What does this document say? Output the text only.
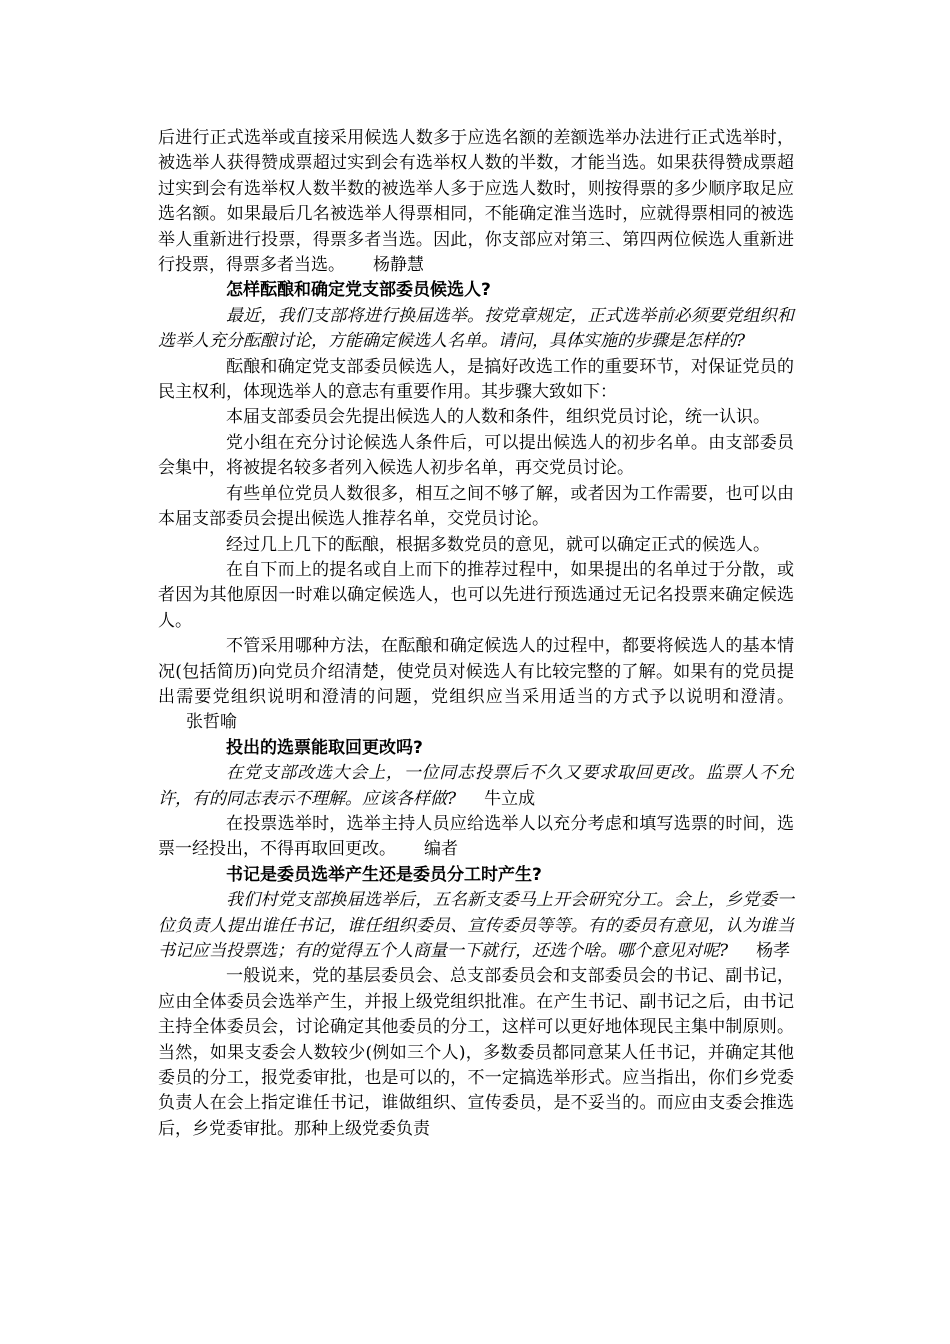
后进行正式选举或直接采用候选人数多于应选名额的差额选举办法进行正式选举时，被选举人获得赞成票超过实到会有选举权人数的半数，才能当选。如果获得赞成票超过实到会有选举权人数半数的被选举人多于应选人数时，则按得票的多少顺序取足应选名额。如果最后几名被选举人得票相同，不能确定淮当选时，应就得票相同的被选举人重新进行投票，得票多者当选。因此，你支部应对第三、第四两位候选人重新进行投票，得票多者当选。 杨静慧

怎样酝酿和确定党支部委员候选人?

最近，我们支部将进行换届选举。按党章规定，正式选举前必须要党组织和选举人充分酝酿讨论，方能确定候选人名单。请问，具体实施的步骤是怎样的?

酝酿和确定党支部委员候选人，是搞好改选工作的重要环节，对保证党员的民主权利，体现选举人的意志有重要作用。其步骤大致如下：

本届支部委员会先提出候选人的人数和条件，组织党员讨论，统一认识。

党小组在充分讨论候选人条件后，可以提出候选人的初步名单。由支部委员会集中，将被提名较多者列入候选人初步名单，再交党员讨论。

有些单位党员人数很多，相互之间不够了解，或者因为工作需要，也可以由本届支部委员会提出候选人推荐名单，交党员讨论。

经过几上几下的酝酿，根据多数党员的意见，就可以确定正式的候选人。

在自下而上的提名或自上而下的推荐过程中，如果提出的名单过于分散，或者因为其他原因一时难以确定候选人，也可以先进行预选通过无记名投票来确定候选人。

不管采用哪种方法，在酝酿和确定候选人的过程中，都要将候选人的基本情况(包括简历)向党员介绍清楚，使党员对候选人有比较完整的了解。如果有的党员提出需要党组织说明和澄清的问题，党组织应当采用适当的方式予以说明和澄清。张哲喻

投出的选票能取回更改吗?

在党支部改选大会上，一位同志投票后不久又要求取回更改。监票人不允许，有的同志表示不理解。应该各样做? 牛立成

在投票选举时，选举主持人员应给选举人以充分考虑和填写选票的时间，选票一经投出，不得再取回更改。 编者

书记是委员选举产生还是委员分工时产生?

我们村党支部换届选举后，五名新支委马上开会研究分工。会上，乡党委一位负责人提出谁任书记，谁任组织委员、宣传委员等等。有的委员有意见，认为谁当书记应当投票选；有的觉得五个人商量一下就行，还选个啥。哪个意见对呢? 杨孝

一般说来，党的基层委员会、总支部委员会和支部委员会的书记、副书记，应由全体委员会选举产生，并报上级党组织批准。在产生书记、副书记之后，由书记主持全体委员会，讨论确定其他委员的分工，这样可以更好地体现民主集中制原则。当然，如果支委会人数较少(例如三个人)，多数委员都同意某人任书记，并确定其他委员的分工，报党委审批，也是可以的，不一定搞选举形式。应当指出，你们乡党委负责人在会上指定谁任书记，谁做组织、宣传委员，是不妥当的。而应由支委会推选后，乡党委审批。那种上级党委负责
